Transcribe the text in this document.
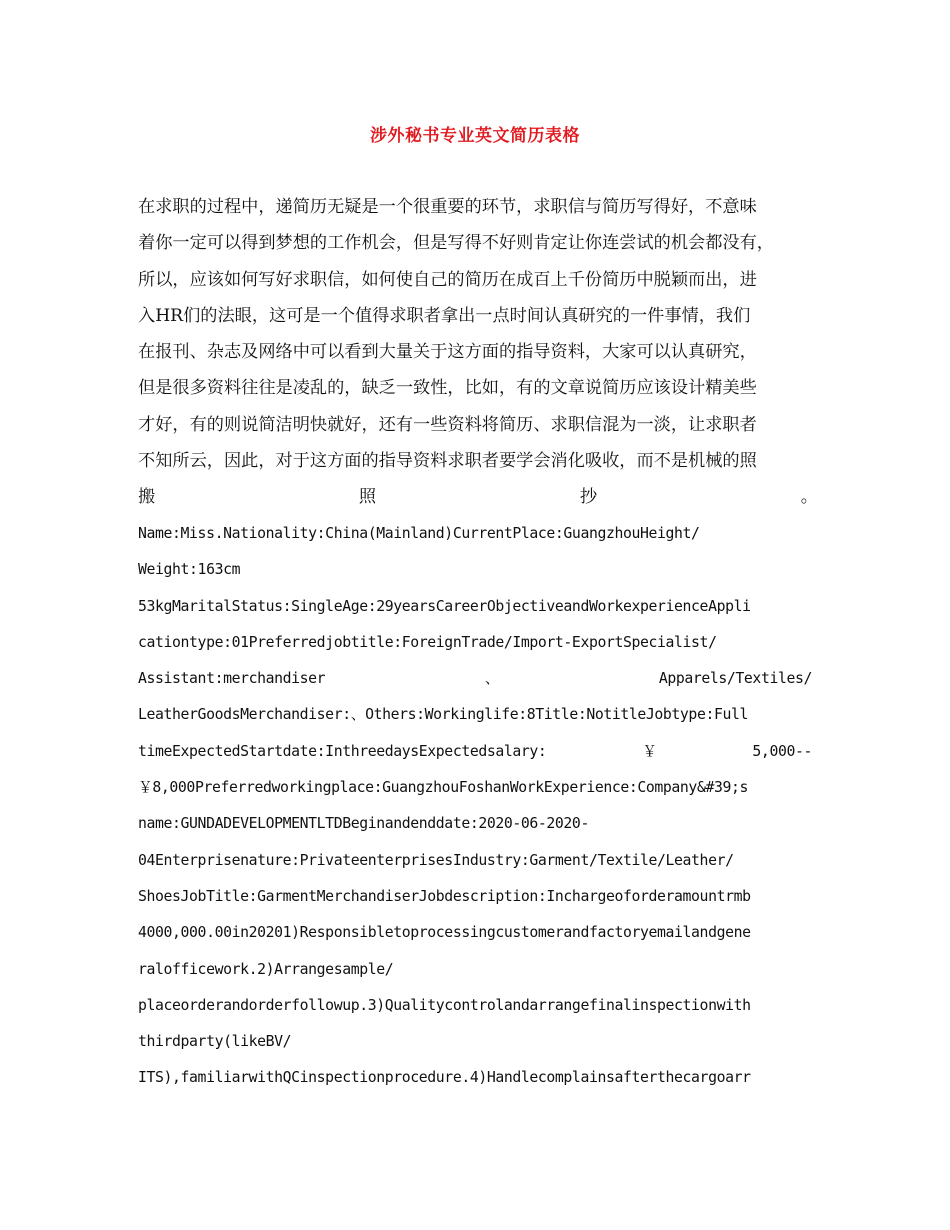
涉外秘书专业英文简历表格
在求职的过程中，递简历无疑是一个很重要的环节，求职信与简历写得好，不意味
着你一定可以得到梦想的工作机会，但是写得不好则肯定让你连尝试的机会都没有，
所以，应该如何写好求职信，如何使自己的简历在成百上千份简历中脱颖而出，进
入HR们的法眼，这可是一个值得求职者拿出一点时间认真研究的一件事情，我们
在报刊、杂志及网络中可以看到大量关于这方面的指导资料，大家可以认真研究，
但是很多资料往往是凌乱的，缺乏一致性，比如，有的文章说简历应该设计精美些
才好，有的则说简洁明快就好，还有一些资料将简历、求职信混为一淡，让求职者
不知所云，因此，对于这方面的指导资料求职者要学会消化吸收，而不是机械的照
搬	照	抄	。
Name:Miss.Nationality:China(Mainland)CurrentPlace:GuangzhouHeight/
Weight:163cm
53kgMaritalStatus:SingleAge:29yearsCareerObjectiveandWorkexperienceAppli
cationtype:01Preferredjobtitle:ForeignTrade/Import-ExportSpecialist/
Assistant:merchandiser	、	Apparels/Textiles/
LeatherGoodsMerchandiser:、Others:Workinglife:8Title:NotitleJobtype:Full
timeExpectedStartdate:InthreedaysExpectedsalary:	￥	5,000--
￥8,000Preferredworkingplace:GuangzhouFoshanWorkExperience:Company&#39;s
name:GUNDADEVELOPMENTLTDBeginandenddate:2020-06-2020-
04Enterprisenature:PrivateenterprisesIndustry:Garment/Textile/Leather/
ShoesJobTitle:GarmentMerchandiserJobdescription:Inchargeoforderamountrmb
4000,000.00in20201)Responsibletoprocessingcustomerandfactoryemailandgene
ralofficework.2)Arrangesample/
placeorderandorderfollowup.3)Qualitycontrolandarrangefinalinspectionwith
thirdparty(likeBV/
ITS),familiarwithQCinspectionprocedure.4)Handlecomplainsafterthecargoarr
